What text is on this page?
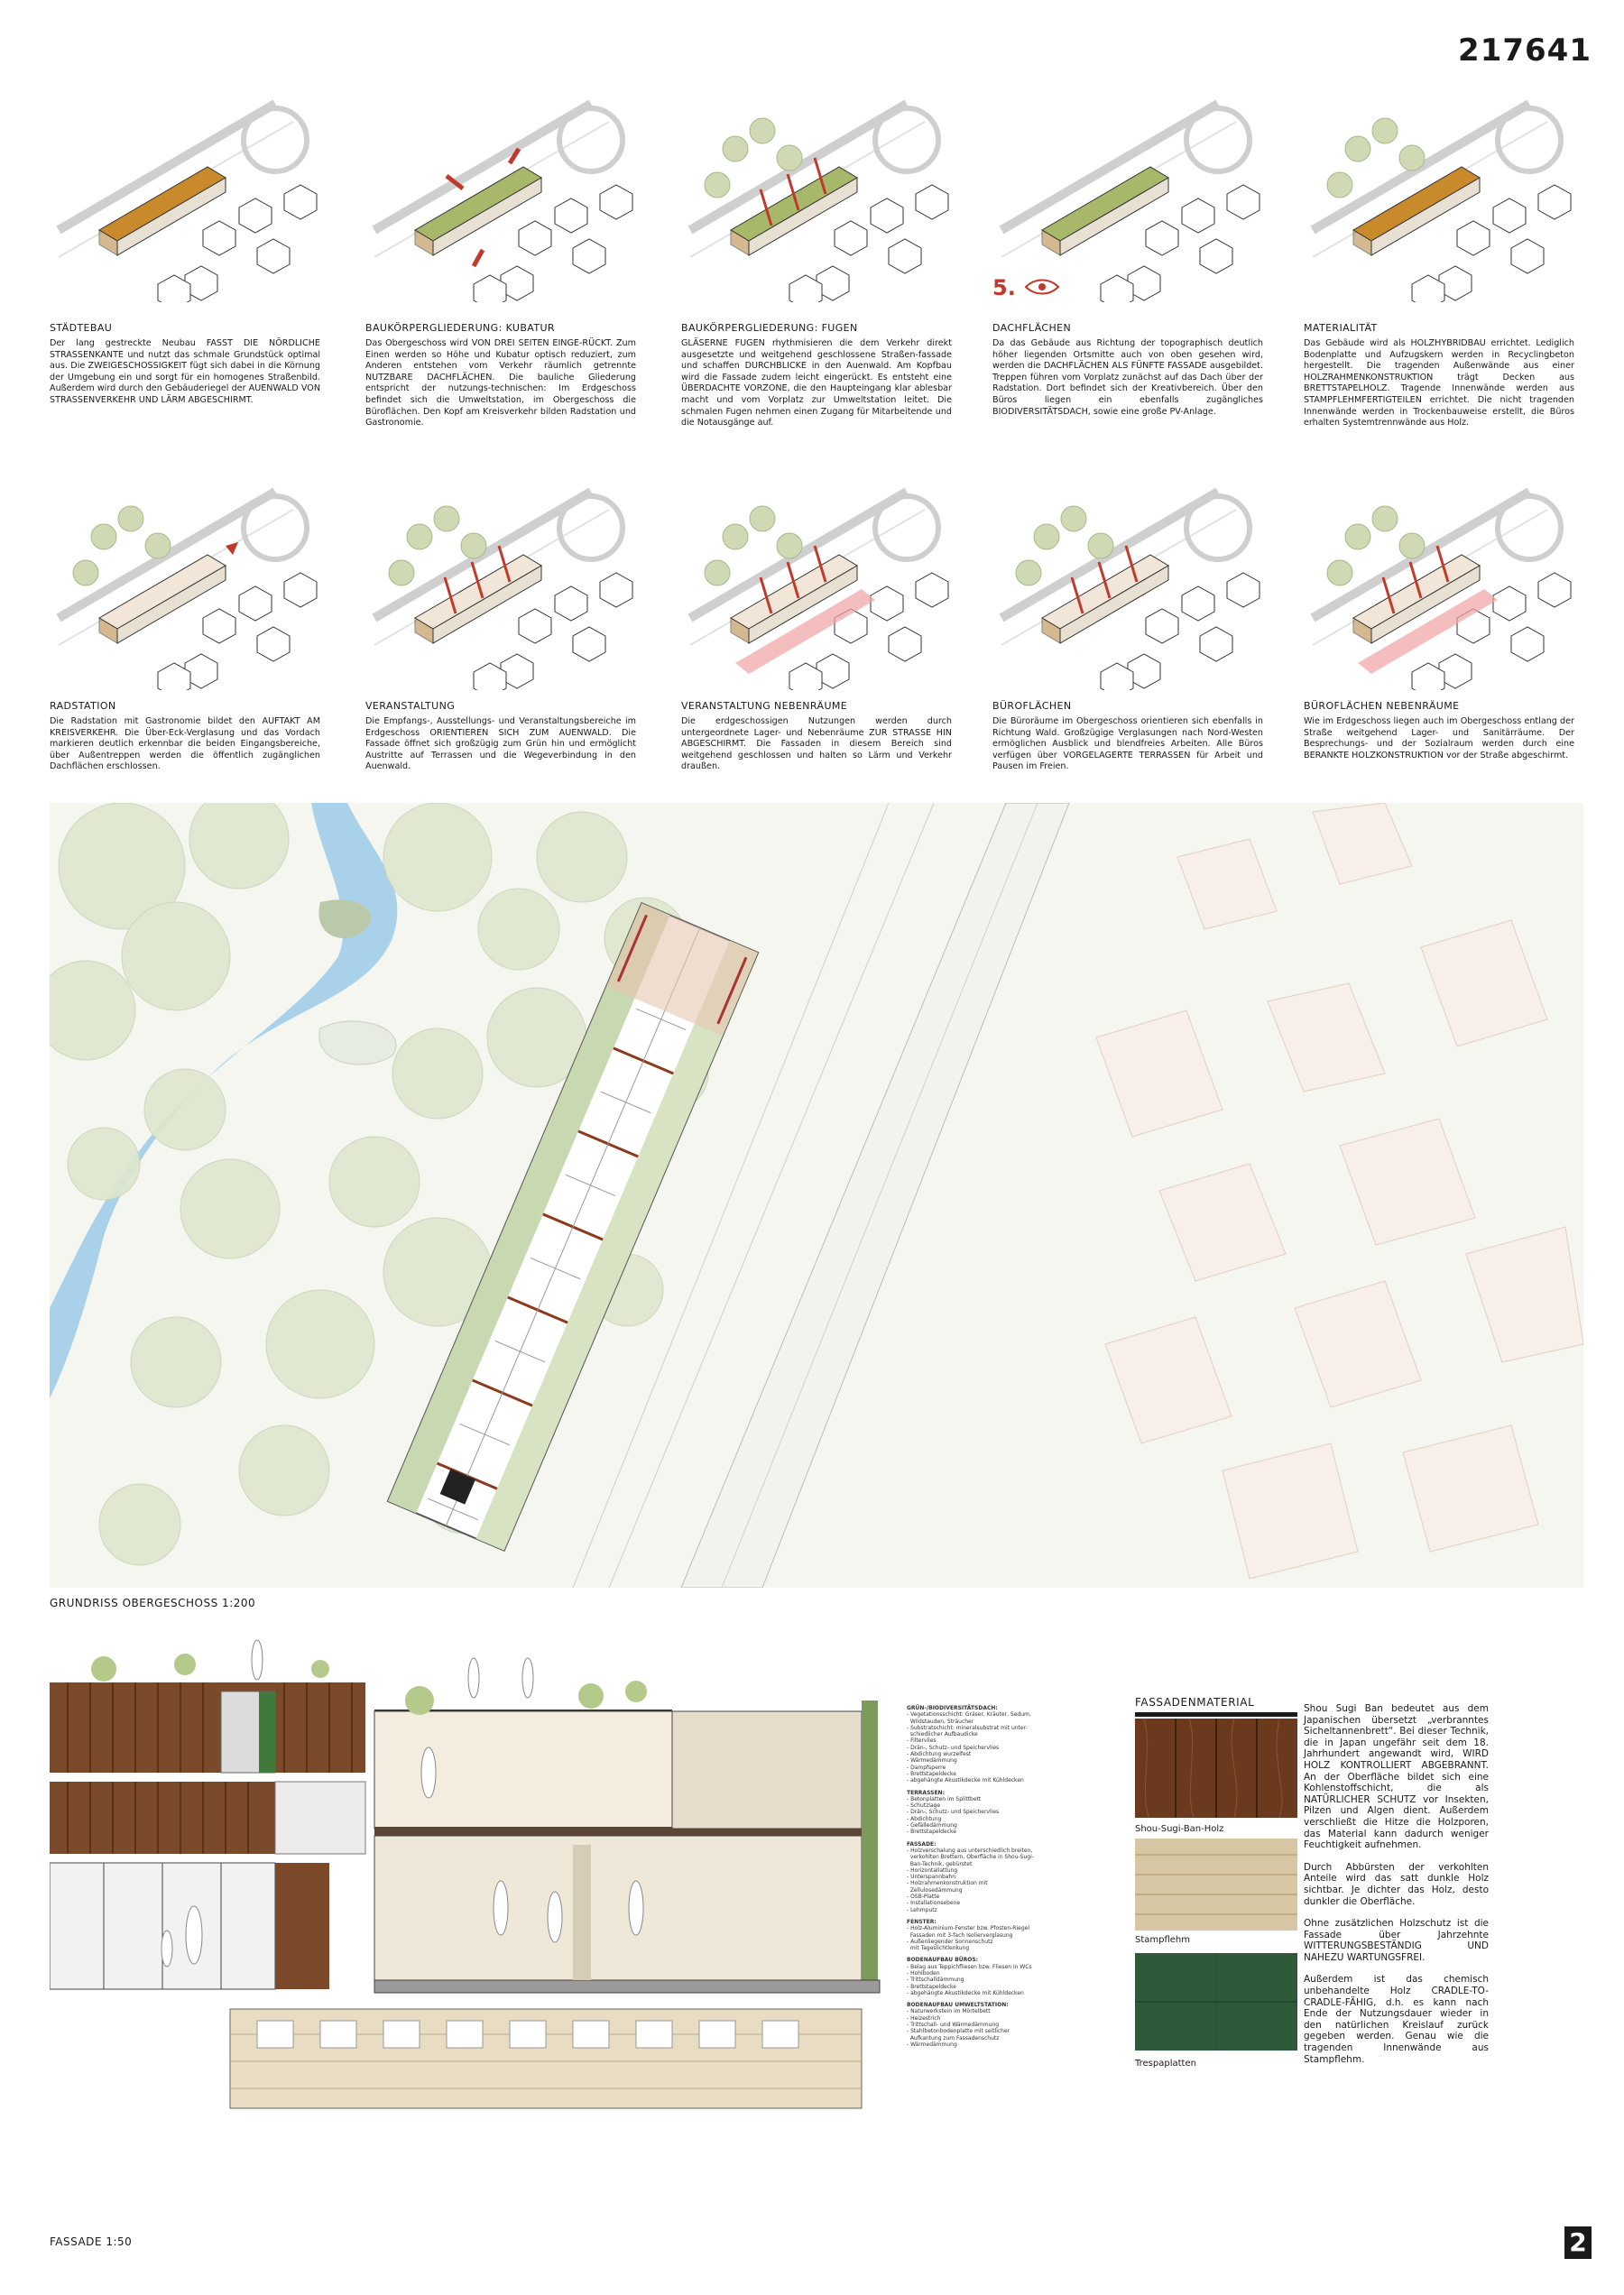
217641
STÄDTEBAU
Der lang gestreckte Neubau FASST DIE NÖRDLICHE STRASSENKANTE und nutzt das schmale Grundstück optimal aus. Die ZWEIGESCHOSSIGKEIT fügt sich dabei in die Körnung der Umgebung ein und sorgt für ein homogenes Straßenbild. Außerdem wird durch den Gebäuderiegel der AUENWALD VON STRASSENVERKEHR UND LÄRM ABGESCHIRMT.
BAUKÖRPERGLIEDERUNG: KUBATUR
Das Obergeschoss wird VON DREI SEITEN EINGE-RÜCKT. Zum Einen werden so Höhe und Kubatur optisch reduziert, zum Anderen entstehen vom Verkehr räumlich getrennte NUTZBARE DACHFLÄCHEN. Die bauliche Gliederung entspricht der nutzungs-technischen: Im Erdgeschoss befindet sich die Umweltstation, im Obergeschoss die Büroflächen. Den Kopf am Kreisverkehr bilden Radstation und Gastronomie.
BAUKÖRPERGLIEDERUNG: FUGEN
GLÄSERNE FUGEN rhythmisieren die dem Verkehr direkt ausgesetzte und weitgehend geschlossene Straßen-fassade und schaffen DURCHBLICKE in den Auenwald. Am Kopfbau wird die Fassade zudem leicht eingerückt. Es entsteht eine ÜBERDACHTE VORZONE, die den Haupteingang klar ablesbar macht und vom Vorplatz zur Umweltstation leitet. Die schmalen Fugen nehmen einen Zugang für Mitarbeitende und die Notausgänge auf.
DACHFLÄCHEN
Da das Gebäude aus Richtung der topographisch deutlich höher liegenden Ortsmitte auch von oben gesehen wird, werden die DACHFLÄCHEN ALS FÜNFTE FASSADE ausgebildet. Treppen führen vom Vorplatz zunächst auf das Dach über der Radstation. Dort befindet sich der Kreativbereich. Über den Büros liegen ein ebenfalls zugängliches BIODIVERSITÄTSDACH, sowie eine große PV-Anlage.
MATERIALITÄT
Das Gebäude wird als HOLZHYBRIDBAU errichtet. Lediglich Bodenplatte und Aufzugskern werden in Recyclingbeton hergestellt. Die tragenden Außenwände aus einer HOLZRAHMENKONSTRUKTION trägt Decken aus BRETTSTAPELHOLZ. Tragende Innenwände werden aus STAMPFLEHMFERTIGTEILEN errichtet. Die nicht tragenden Innenwände werden in Trockenbauweise erstellt, die Büros erhalten Systemtrennwände aus Holz.
RADSTATION
Die Radstation mit Gastronomie bildet den AUFTAKT AM KREISVERKEHR. Die Über-Eck-Verglasung und das Vordach markieren deutlich erkennbar die beiden Eingangsbereiche, über Außentreppen werden die öffentlich zugänglichen Dachflächen erschlossen.
VERANSTALTUNG
Die Empfangs-, Ausstellungs- und Veranstaltungsbereiche im Erdgeschoss ORIENTIEREN SICH ZUM AUENWALD. Die Fassade öffnet sich großzügig zum Grün hin und ermöglicht Austritte auf Terrassen und die Wegeverbindung in den Auenwald.
VERANSTALTUNG NEBENRÄUME
Die erdgeschossigen Nutzungen werden durch untergeordnete Lager- und Nebenräume ZUR STRASSE HIN ABGESCHIRMT. Die Fassaden in diesem Bereich sind weitgehend geschlossen und halten so Lärm und Verkehr draußen.
BÜROFLÄCHEN
Die Büroräume im Obergeschoss orientieren sich ebenfalls in Richtung Wald. Großzügige Verglasungen nach Nord-Westen ermöglichen Ausblick und blendfreies Arbeiten. Alle Büros verfügen über VORGELAGERTE TERRASSEN für Arbeit und Pausen im Freien.
BÜROFLÄCHEN NEBENRÄUME
Wie im Erdgeschoss liegen auch im Obergeschoss entlang der Straße weitgehend Lager- und Sanitärräume. Der Besprechungs- und der Sozialraum werden durch eine BERANKTE HOLZKONSTRUKTION vor der Straße abgeschirmt.
5.
GRUNDRISS OBERGESCHOSS 1:200
FASSADE 1:50
GRÜN-/BIODIVERSITÄTSDACH:
- Vegetationsschicht: Gräser, Kräuter, Sedum,
Wildstauden, Sträucher
- Substratschicht: mineralsubstrat mit unter-
schiedlicher Aufbaudicke
- Filtervlies
- Drän-, Schutz- und Speichervlies
- Abdichtung wurzelfest
- Wärmedämmung
- Dampfsperre
- Brettstapeldecke
- abgehängte Akustikdecke mit Kühldecken
TERRASSEN:
- Betonplatten im Splittbett
- Schutzlage
- Drän-, Schutz- und Speichervlies
- Abdichtung
- Gefälledämmung
- Brettstapeldecke
FASSADE:
- Holzverschalung aus unterschiedlich breiten,
verkohlten Brettern, Oberfläche in Shou-Sugi-
Ban-Technik, gebürstet
- Horizontallattung
- Unterspannbahn
- Holzrahmenkonstruktion mit
Zellulosedämmung
- OSB-Platte
- Installationsebene
- Lehmputz
FENSTER:
- Holz-Aluminium-Fenster bzw. Pfosten-Riegel
Fassaden mit 3-fach Isolierverglasung
- Außenliegender Sonnenschutz
mit Tageslichtlenkung
BODENAUFBAU BÜROS:
- Belag aus Teppichfliesen bzw. Fliesen in WCs
- Hohlboden
- Trittschalldämmung
- Brettstapeldecke
- abgehängte Akustikdecke mit Kühldecken
BODENAUFBAU UMWELTSTATION:
- Naturwerkstein im Mörtelbett
- Heizestrich
- Trittschall- und Wärmedämmung
- Stahlbetonbodenplatte mit seitlicher
Aufkantung zum Fassadenschutz
- Wärmedämmung
FASSADENMATERIAL
Shou-Sugi-Ban-Holz
Stampflehm
Trespaplatten

Shou Sugi Ban bedeutet aus dem Japanischen übersetzt „verbranntes Sicheltannenbrett“. Bei dieser Technik, die in Japan ungefähr seit dem 18. Jahrhundert angewandt wird, WIRD HOLZ KONTROLLIERT ABGEBRANNT. An der Oberfläche bildet sich eine Kohlenstoffschicht, die als NATÜRLICHER SCHUTZ vor Insekten, Pilzen und Algen dient. Außerdem verschließt die Hitze die Holzporen, das Material kann dadurch weniger Feuchtigkeit aufnehmen.

Durch Abbürsten der verkohlten Anteile wird das satt dunkle Holz sichtbar. Je dichter das Holz, desto dunkler die Oberfläche.

Ohne zusätzlichen Holzschutz ist die Fassade über Jahrzehnte WITTERUNGSBESTÄNDIG UND NAHEZU WARTUNGSFREI.

Außerdem ist das chemisch unbehandelte Holz CRADLE-TO-CRADLE-FÄHIG, d.h. es kann nach Ende der Nutzungsdauer wieder in den natürlichen Kreislauf zurück gegeben werden. Genau wie die tragenden Innenwände aus Stampflehm.

2
